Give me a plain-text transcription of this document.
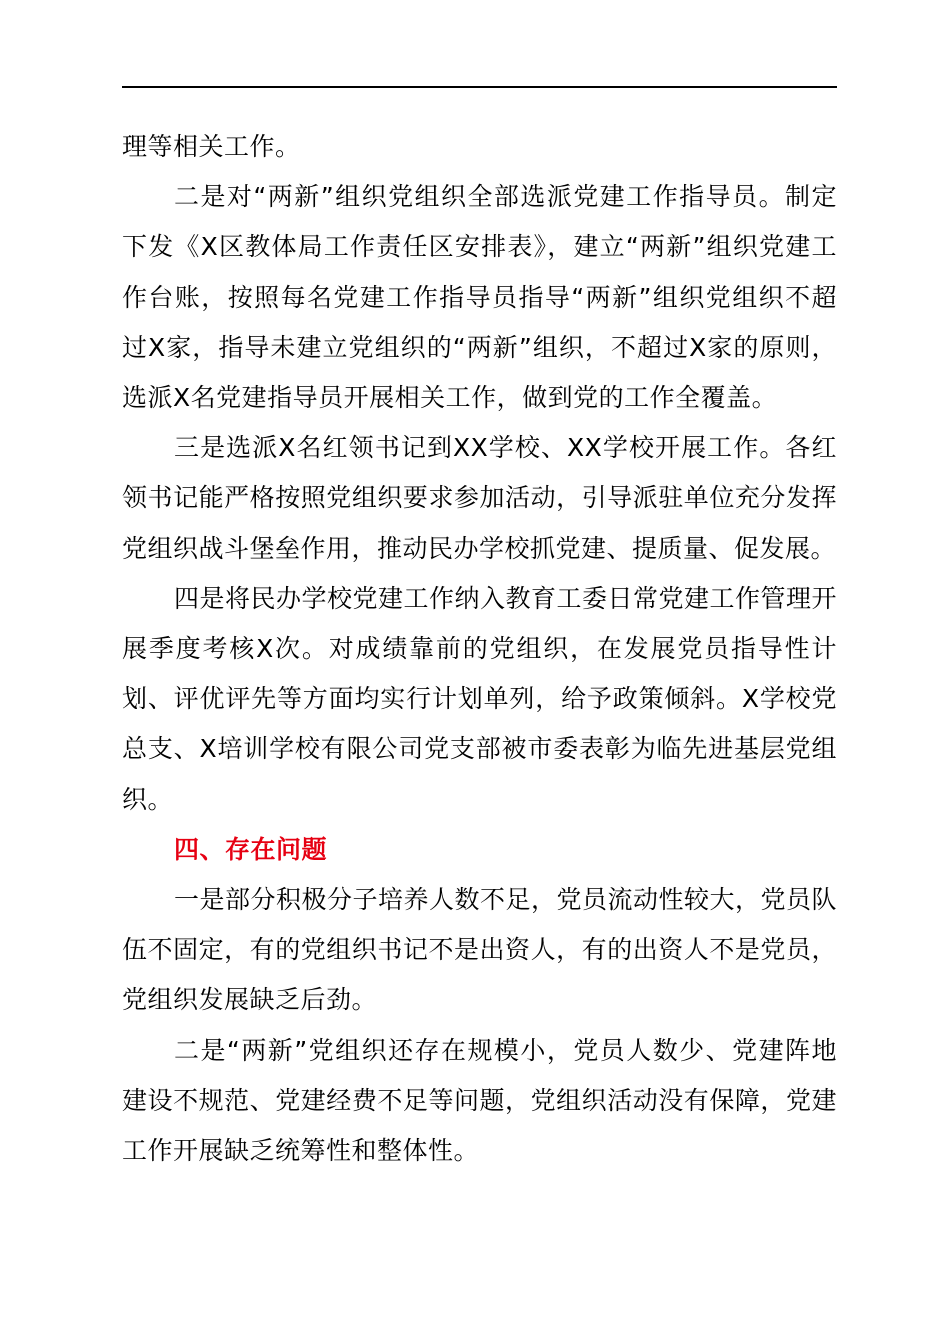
理等相关工作。

二是对“两新”组织党组织全部选派党建工作指导员。制定下发《X区教体局工作责任区安排表》，建立“两新”组织党建工作台账，按照每名党建工作指导员指导“两新”组织党组织不超过X家，指导未建立党组织的“两新”组织，不超过X家的原则，选派X名党建指导员开展相关工作，做到党的工作全覆盖。

三是选派X名红领书记到XX学校、XX学校开展工作。各红领书记能严格按照党组织要求参加活动，引导派驻单位充分发挥党组织战斗堡垒作用，推动民办学校抓党建、提质量、促发展。

四是将民办学校党建工作纳入教育工委日常党建工作管理开展季度考核X次。对成绩靠前的党组织，在发展党员指导性计划、评优评先等方面均实行计划单列，给予政策倾斜。X学校党总支、X培训学校有限公司党支部被市委表彰为临先进基层党组织。

四、存在问题

一是部分积极分子培养人数不足，党员流动性较大，党员队伍不固定，有的党组织书记不是出资人，有的出资人不是党员，党组织发展缺乏后劲。

二是“两新”党组织还存在规模小，党员人数少、党建阵地建设不规范、党建经费不足等问题，党组织活动没有保障，党建工作开展缺乏统筹性和整体性。
